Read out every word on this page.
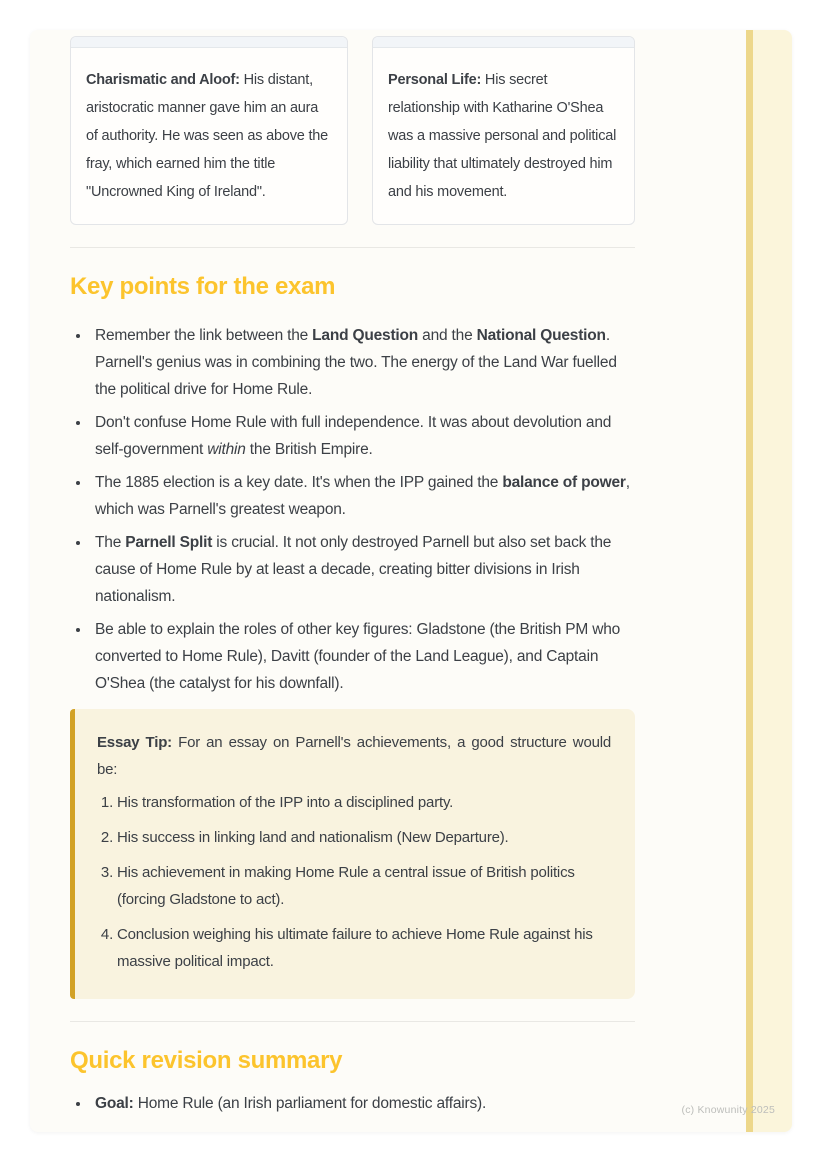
Charismatic and Aloof: His distant, aristocratic manner gave him an aura of authority. He was seen as above the fray, which earned him the title "Uncrowned King of Ireland".

Personal Life: His secret relationship with Katharine O'Shea was a massive personal and political liability that ultimately destroyed him and his movement.

Key points for the exam
• Remember the link between the Land Question and the National Question. Parnell's genius was in combining the two. The energy of the Land War fuelled the political drive for Home Rule.
• Don't confuse Home Rule with full independence. It was about devolution and self-government within the British Empire.
• The 1885 election is a key date. It's when the IPP gained the balance of power, which was Parnell's greatest weapon.
• The Parnell Split is crucial. It not only destroyed Parnell but also set back the cause of Home Rule by at least a decade, creating bitter divisions in Irish nationalism.
• Be able to explain the roles of other key figures: Gladstone (the British PM who converted to Home Rule), Davitt (founder of the Land League), and Captain O'Shea (the catalyst for his downfall).

Essay Tip: For an essay on Parnell's achievements, a good structure would be:

1. His transformation of the IPP into a disciplined party.
2. His success in linking land and nationalism (New Departure).
3. His achievement in making Home Rule a central issue of British politics (forcing Gladstone to act).
4. Conclusion weighing his ultimate failure to achieve Home Rule against his massive political impact.
Quick revision summary
• Goal: Home Rule (an Irish parliament for domestic affairs).	(c) Knowunity 2025
